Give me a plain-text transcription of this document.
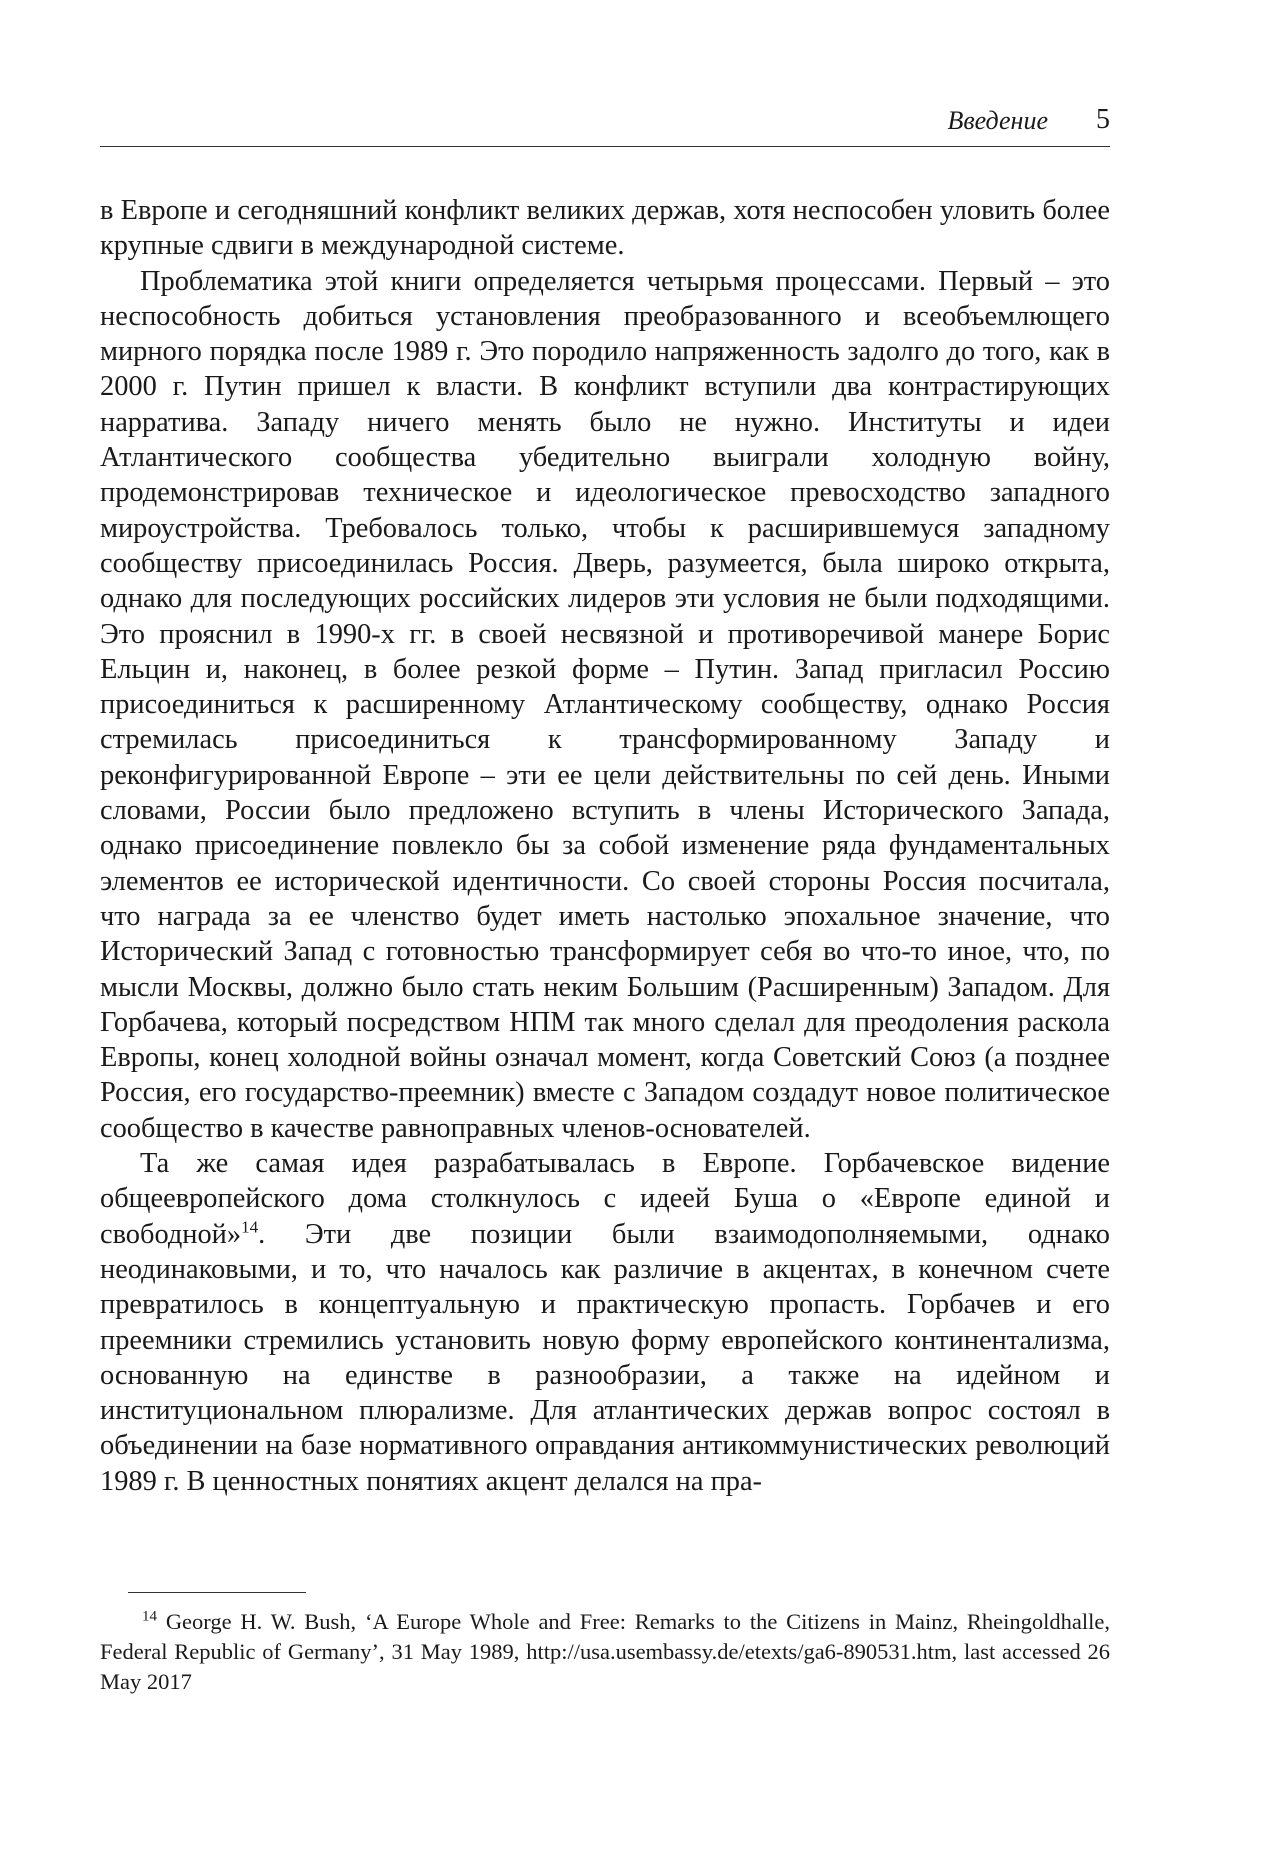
Введение 5

в Европе и сегодняшний конфликт великих держав, хотя неспособен уловить более крупные сдвиги в международной системе.

Проблематика этой книги определяется четырьмя процессами. Первый – это неспособность добиться установления преобразованного и всеобъемлющего мирного порядка после 1989 г. Это породило напряженность задолго до того, как в 2000 г. Путин пришел к власти. В конфликт вступили два контрастирующих нарратива. Западу ничего менять было не нужно. Институты и идеи Атлантического сообщества убедительно выиграли холодную войну, продемонстрировав техническое и идеологическое превосходство западного мироустройства. Требовалось только, чтобы к расширившемуся западному сообществу присоединилась Россия. Дверь, разумеется, была широко открыта, однако для последующих российских лидеров эти условия не были подходящими. Это прояснил в 1990-х гг. в своей несвязной и противоречивой манере Борис Ельцин и, наконец, в более резкой форме – Путин. Запад пригласил Россию присоединиться к расширенному Атлантическому сообществу, однако Россия стремилась присоединиться к трансформированному Западу и реконфигурированной Европе – эти ее цели действительны по сей день. Иными словами, России было предложено вступить в члены Исторического Запада, однако присоединение повлекло бы за собой изменение ряда фундаментальных элементов ее исторической идентичности. Со своей стороны Россия посчитала, что награда за ее членство будет иметь настолько эпохальное значение, что Исторический Запад с готовностью трансформирует себя во что-то иное, что, по мысли Москвы, должно было стать неким Большим (Расширенным) Западом. Для Горбачева, который посредством НПМ так много сделал для преодоления раскола Европы, конец холодной войны означал момент, когда Советский Союз (а позднее Россия, его государство-преемник) вместе с Западом создадут новое политическое сообщество в качестве равноправных членов-основателей.

Та же самая идея разрабатывалась в Европе. Горбачевское видение общеевропейского дома столкнулось с идеей Буша о «Европе единой и свободной»$^{14}$. Эти две позиции были взаимодополняемыми, однако неодинаковыми, и то, что началось как различие в акцентах, в конечном счете превратилось в концептуальную и практическую пропасть. Горбачев и его преемники стремились установить новую форму европейского континентализма, основанную на единстве в разнообразии, а также на идейном и институциональном плюрализме. Для атлантических держав вопрос состоял в объединении на базе нормативного оправдания антикоммунистических революций 1989 г. В ценностных понятиях акцент делался на пра-

$^{14}$ George H. W. Bush, ‘A Europe Whole and Free: Remarks to the Citizens in Mainz, Rheingoldhalle, Federal Republic of Germany’, 31 May 1989, http://usa.usembassy.de/etexts/ga6-890531.htm, last accessed 26 May 2017
